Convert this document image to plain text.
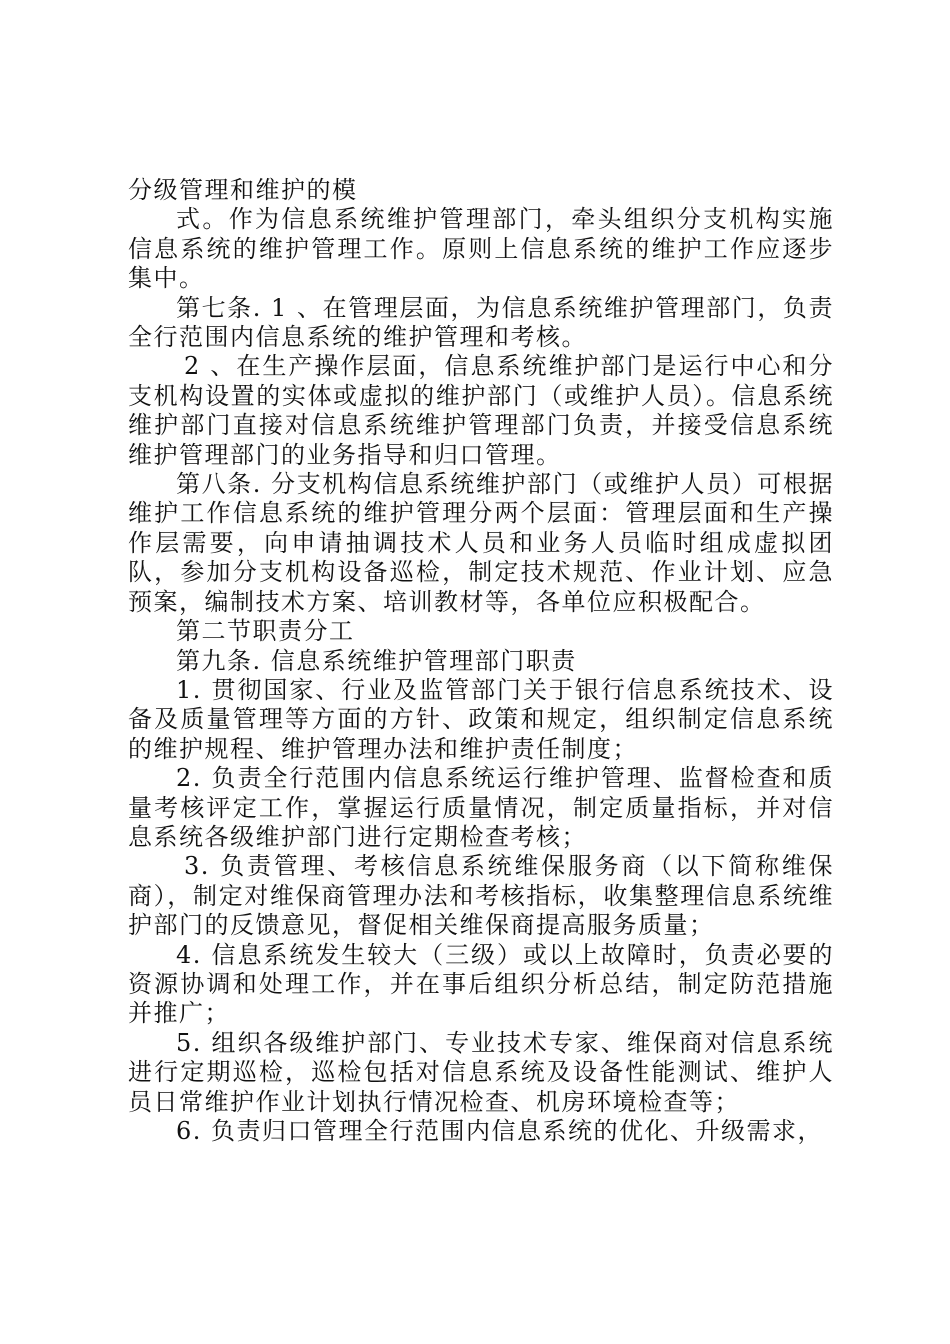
分级管理和维护的模

式。作为信息系统维护管理部门，牵头组织分支机构实施信息系统的维护管理工作。原则上信息系统的维护工作应逐步集中。

第七条. 1 、在管理层面，为信息系统维护管理部门，负责全行范围内信息系统的维护管理和考核。

2 、在生产操作层面，信息系统维护部门是运行中心和分支机构设置的实体或虚拟的维护部门（或维护人员）。信息系统维护部门直接对信息系统维护管理部门负责，并接受信息系统维护管理部门的业务指导和归口管理。

第八条. 分支机构信息系统维护部门（或维护人员）可根据维护工作信息系统的维护管理分两个层面：管理层面和生产操作层需要，向申请抽调技术人员和业务人员临时组成虚拟团队，参加分支机构设备巡检，制定技术规范、作业计划、应急预案，编制技术方案、培训教材等，各单位应积极配合。

第二节职责分工

第九条. 信息系统维护管理部门职责

1. 贯彻国家、行业及监管部门关于银行信息系统技术、设备及质量管理等方面的方针、政策和规定，组织制定信息系统的维护规程、维护管理办法和维护责任制度；

2. 负责全行范围内信息系统运行维护管理、监督检查和质量考核评定工作，掌握运行质量情况，制定质量指标，并对信息系统各级维护部门进行定期检查考核；

3. 负责管理、考核信息系统维保服务商（以下简称维保商），制定对维保商管理办法和考核指标，收集整理信息系统维护部门的反馈意见，督促相关维保商提高服务质量；

4. 信息系统发生较大（三级）或以上故障时，负责必要的资源协调和处理工作，并在事后组织分析总结，制定防范措施并推广；

5. 组织各级维护部门、专业技术专家、维保商对信息系统进行定期巡检，巡检包括对信息系统及设备性能测试、维护人员日常维护作业计划执行情况检查、机房环境检查等；

6. 负责归口管理全行范围内信息系统的优化、升级需求，
